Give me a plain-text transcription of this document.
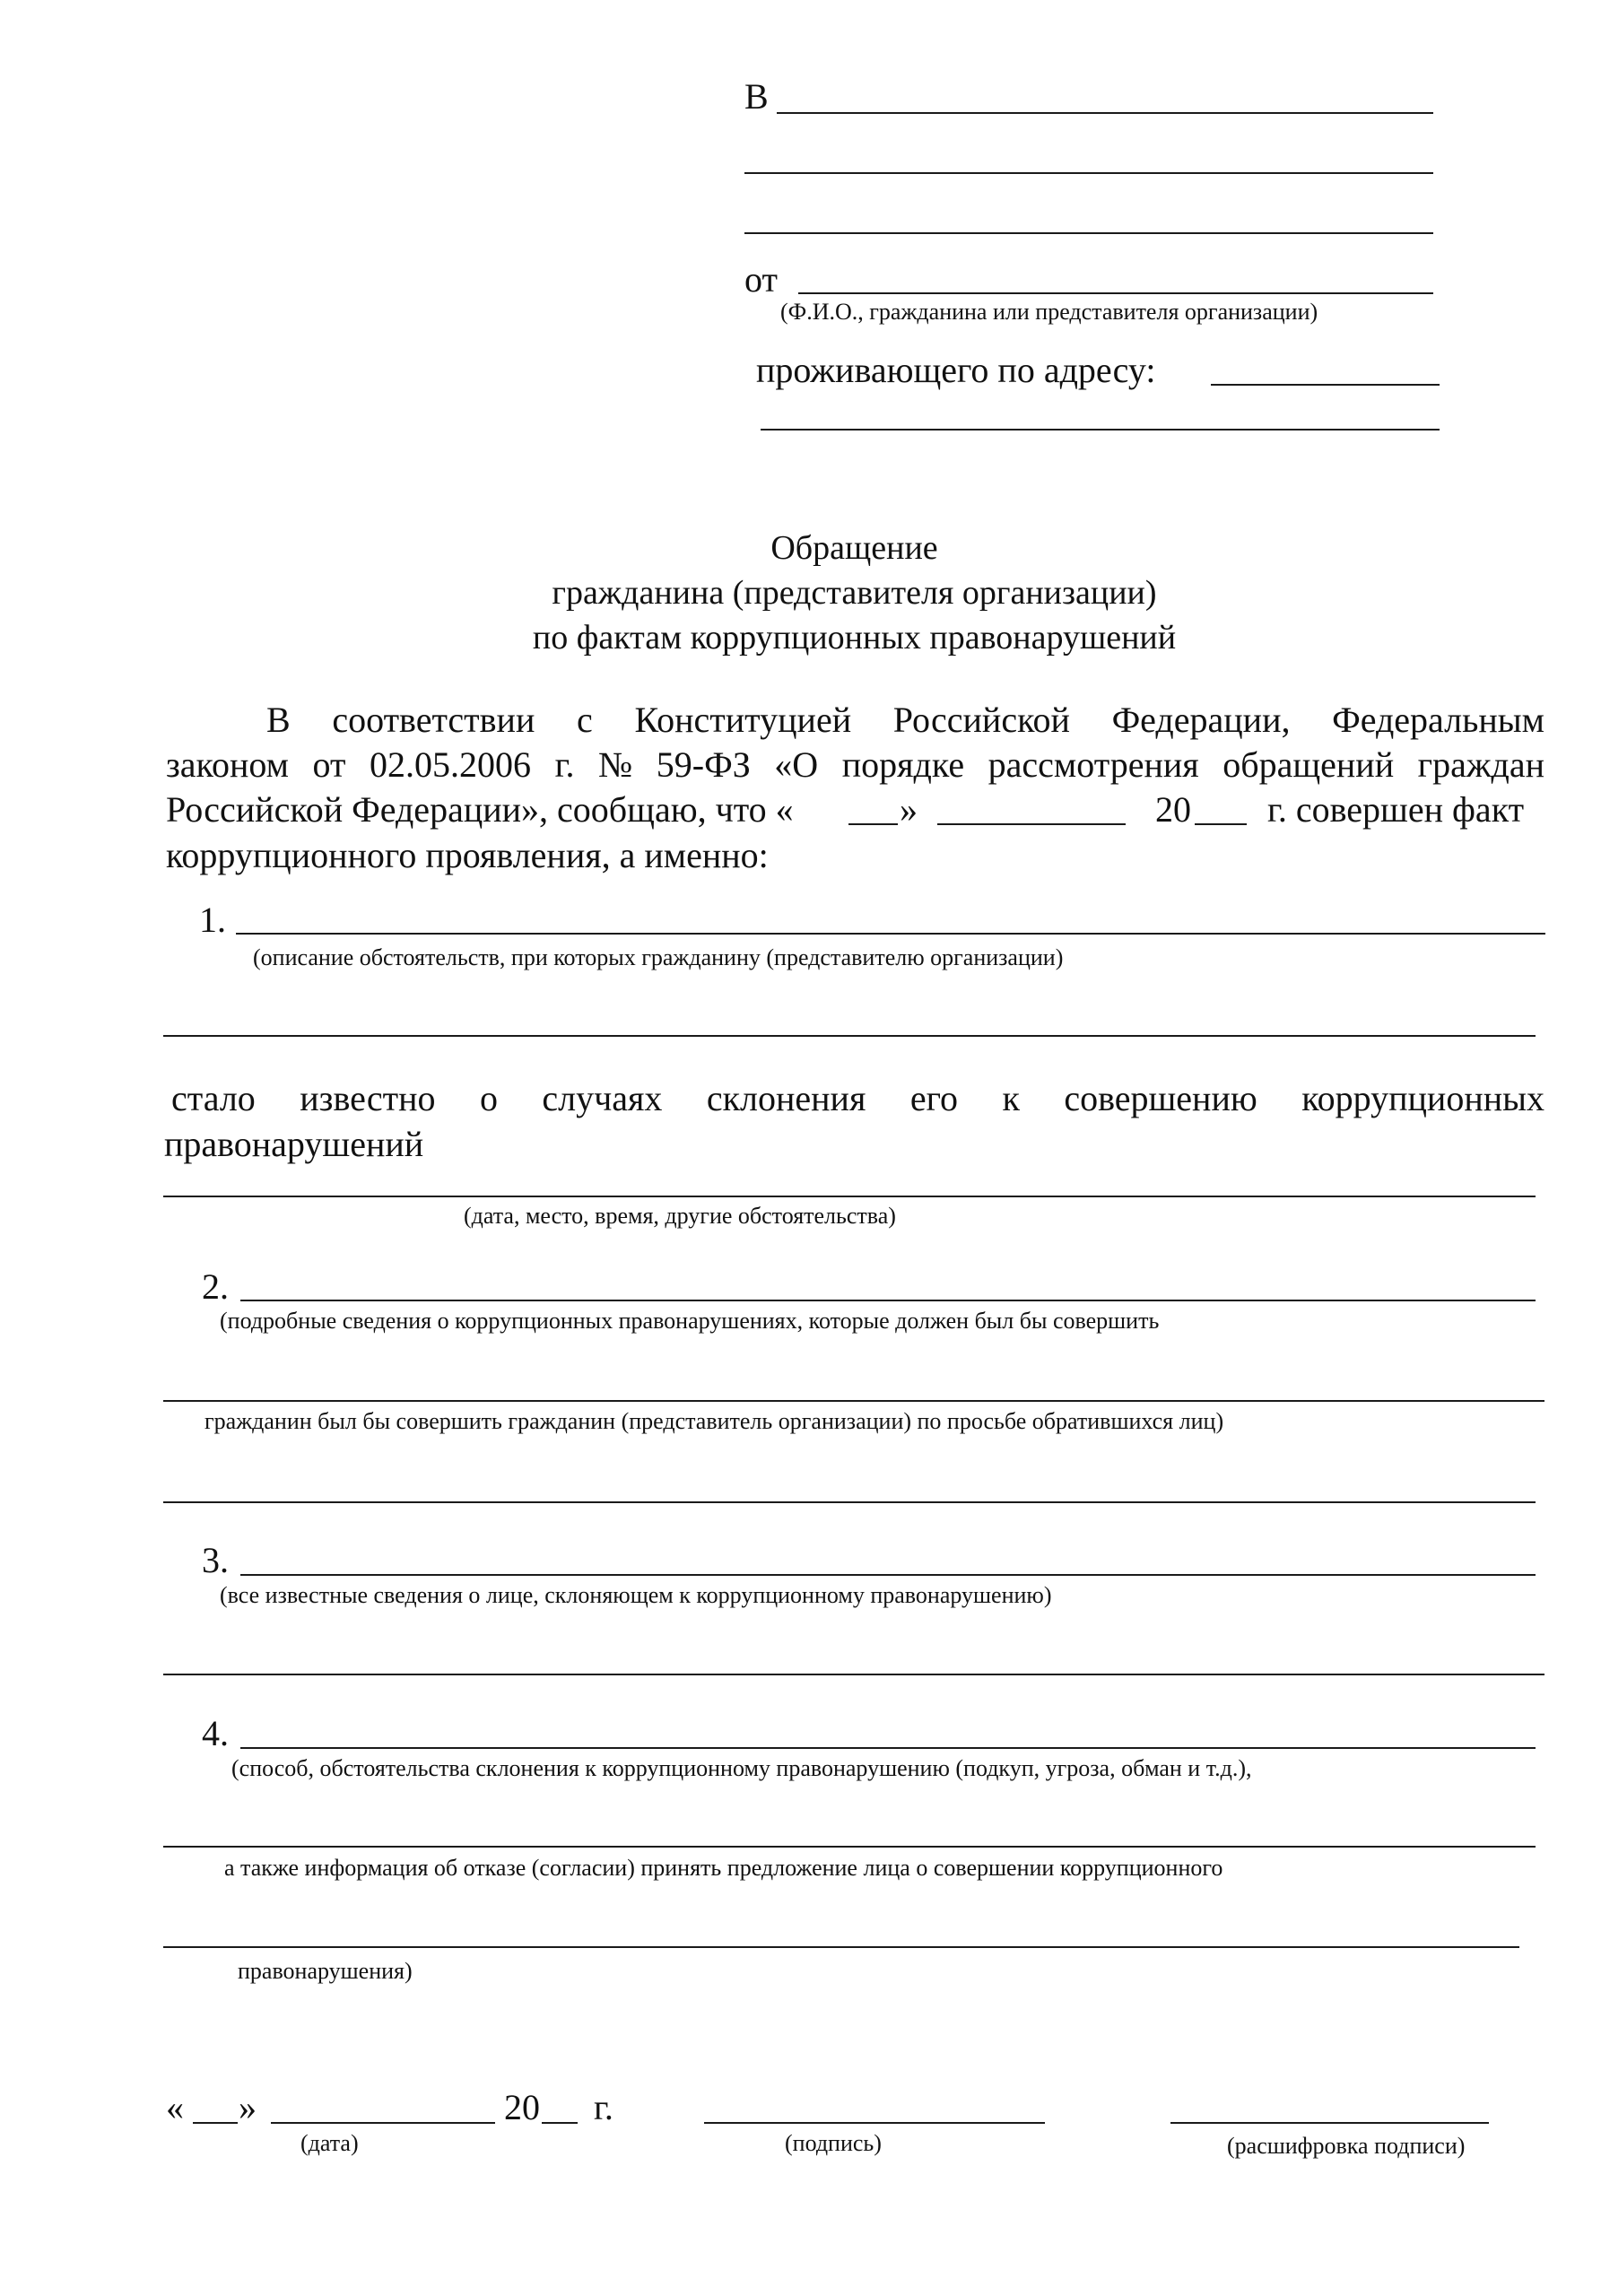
В
от
(Ф.И.О., гражданина или представителя организации)
проживающего по адресу:
Обращение
гражданина (представителя организации)
по фактам коррупционных правонарушений
В соответствии с Конституцией Российской Федерации, Федеральным
законом от 02.05.2006 г. № 59-ФЗ «О порядке рассмотрения обращений граждан
Российской Федерации», сообщаю, что «	»	20 г. совершен факт
коррупционного проявления, а именно:
1.
(описание обстоятельств, при которых гражданину (представителю организации)
стало известно о случаях склонения его к совершению коррупционных
правонарушений
(дата, место, время, другие обстоятельства)
2.
(подробные сведения о коррупционных правонарушениях, которые должен был бы совершить
гражданин был бы совершить гражданин (представитель организации) по просьбе обратившихся лиц)
3.
(все известные сведения о лице, склоняющем к коррупционному правонарушению)
4.
(способ, обстоятельства склонения к коррупционному правонарушению (подкуп, угроза, обман и т.д.),
а также информация об отказе (согласии) принять предложение лица о совершении коррупционного
правонарушения)
« »	20 г.
(дата)	(подпись)	(расшифровка подписи)
